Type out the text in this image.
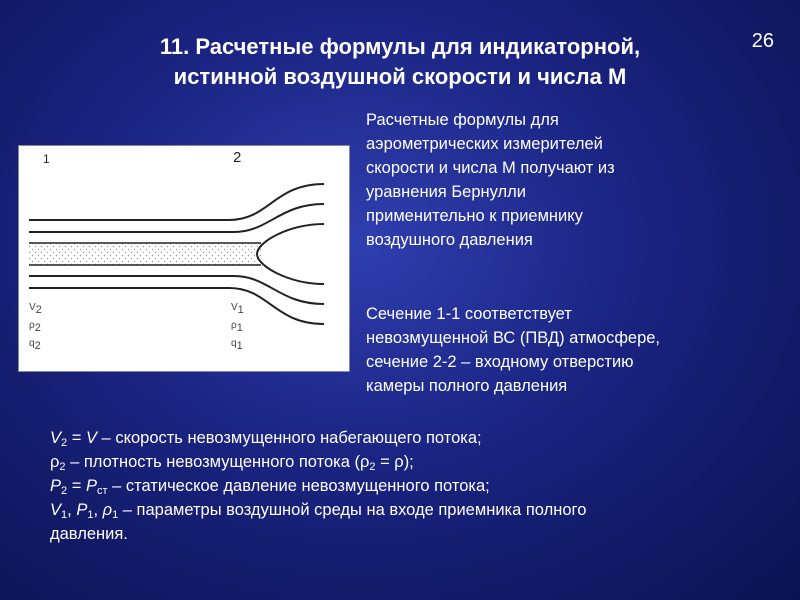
26
11. Расчетные формулы для индикаторной,
истинной воздушной скорости и числа М
1	2
$V_2$
$\rho_2$
$q_2$
$V_1$
$\rho_1$
$q_1$
Расчетные формулы для
аэрометрических измерителей
скорости и числа М получают из
уравнения Бернулли
применительно к приемнику
воздушного давления
Сечение 1-1 соответствует
невозмущенной ВС (ПВД) атмосфере,
сечение 2-2 – входному отверстию
камеры полного давления
$V_2 = V$ – скорость невозмущенного набегающего потока;
$\rho_2$ – плотность невозмущенного потока $(\rho_2 = \rho)$;
$P_2 = P_{ст}$ – статическое давление невозмущенного потока;
$V_1$, $P_1$, $\rho_1$ – параметры воздушной среды на входе приемника полного
давления.
